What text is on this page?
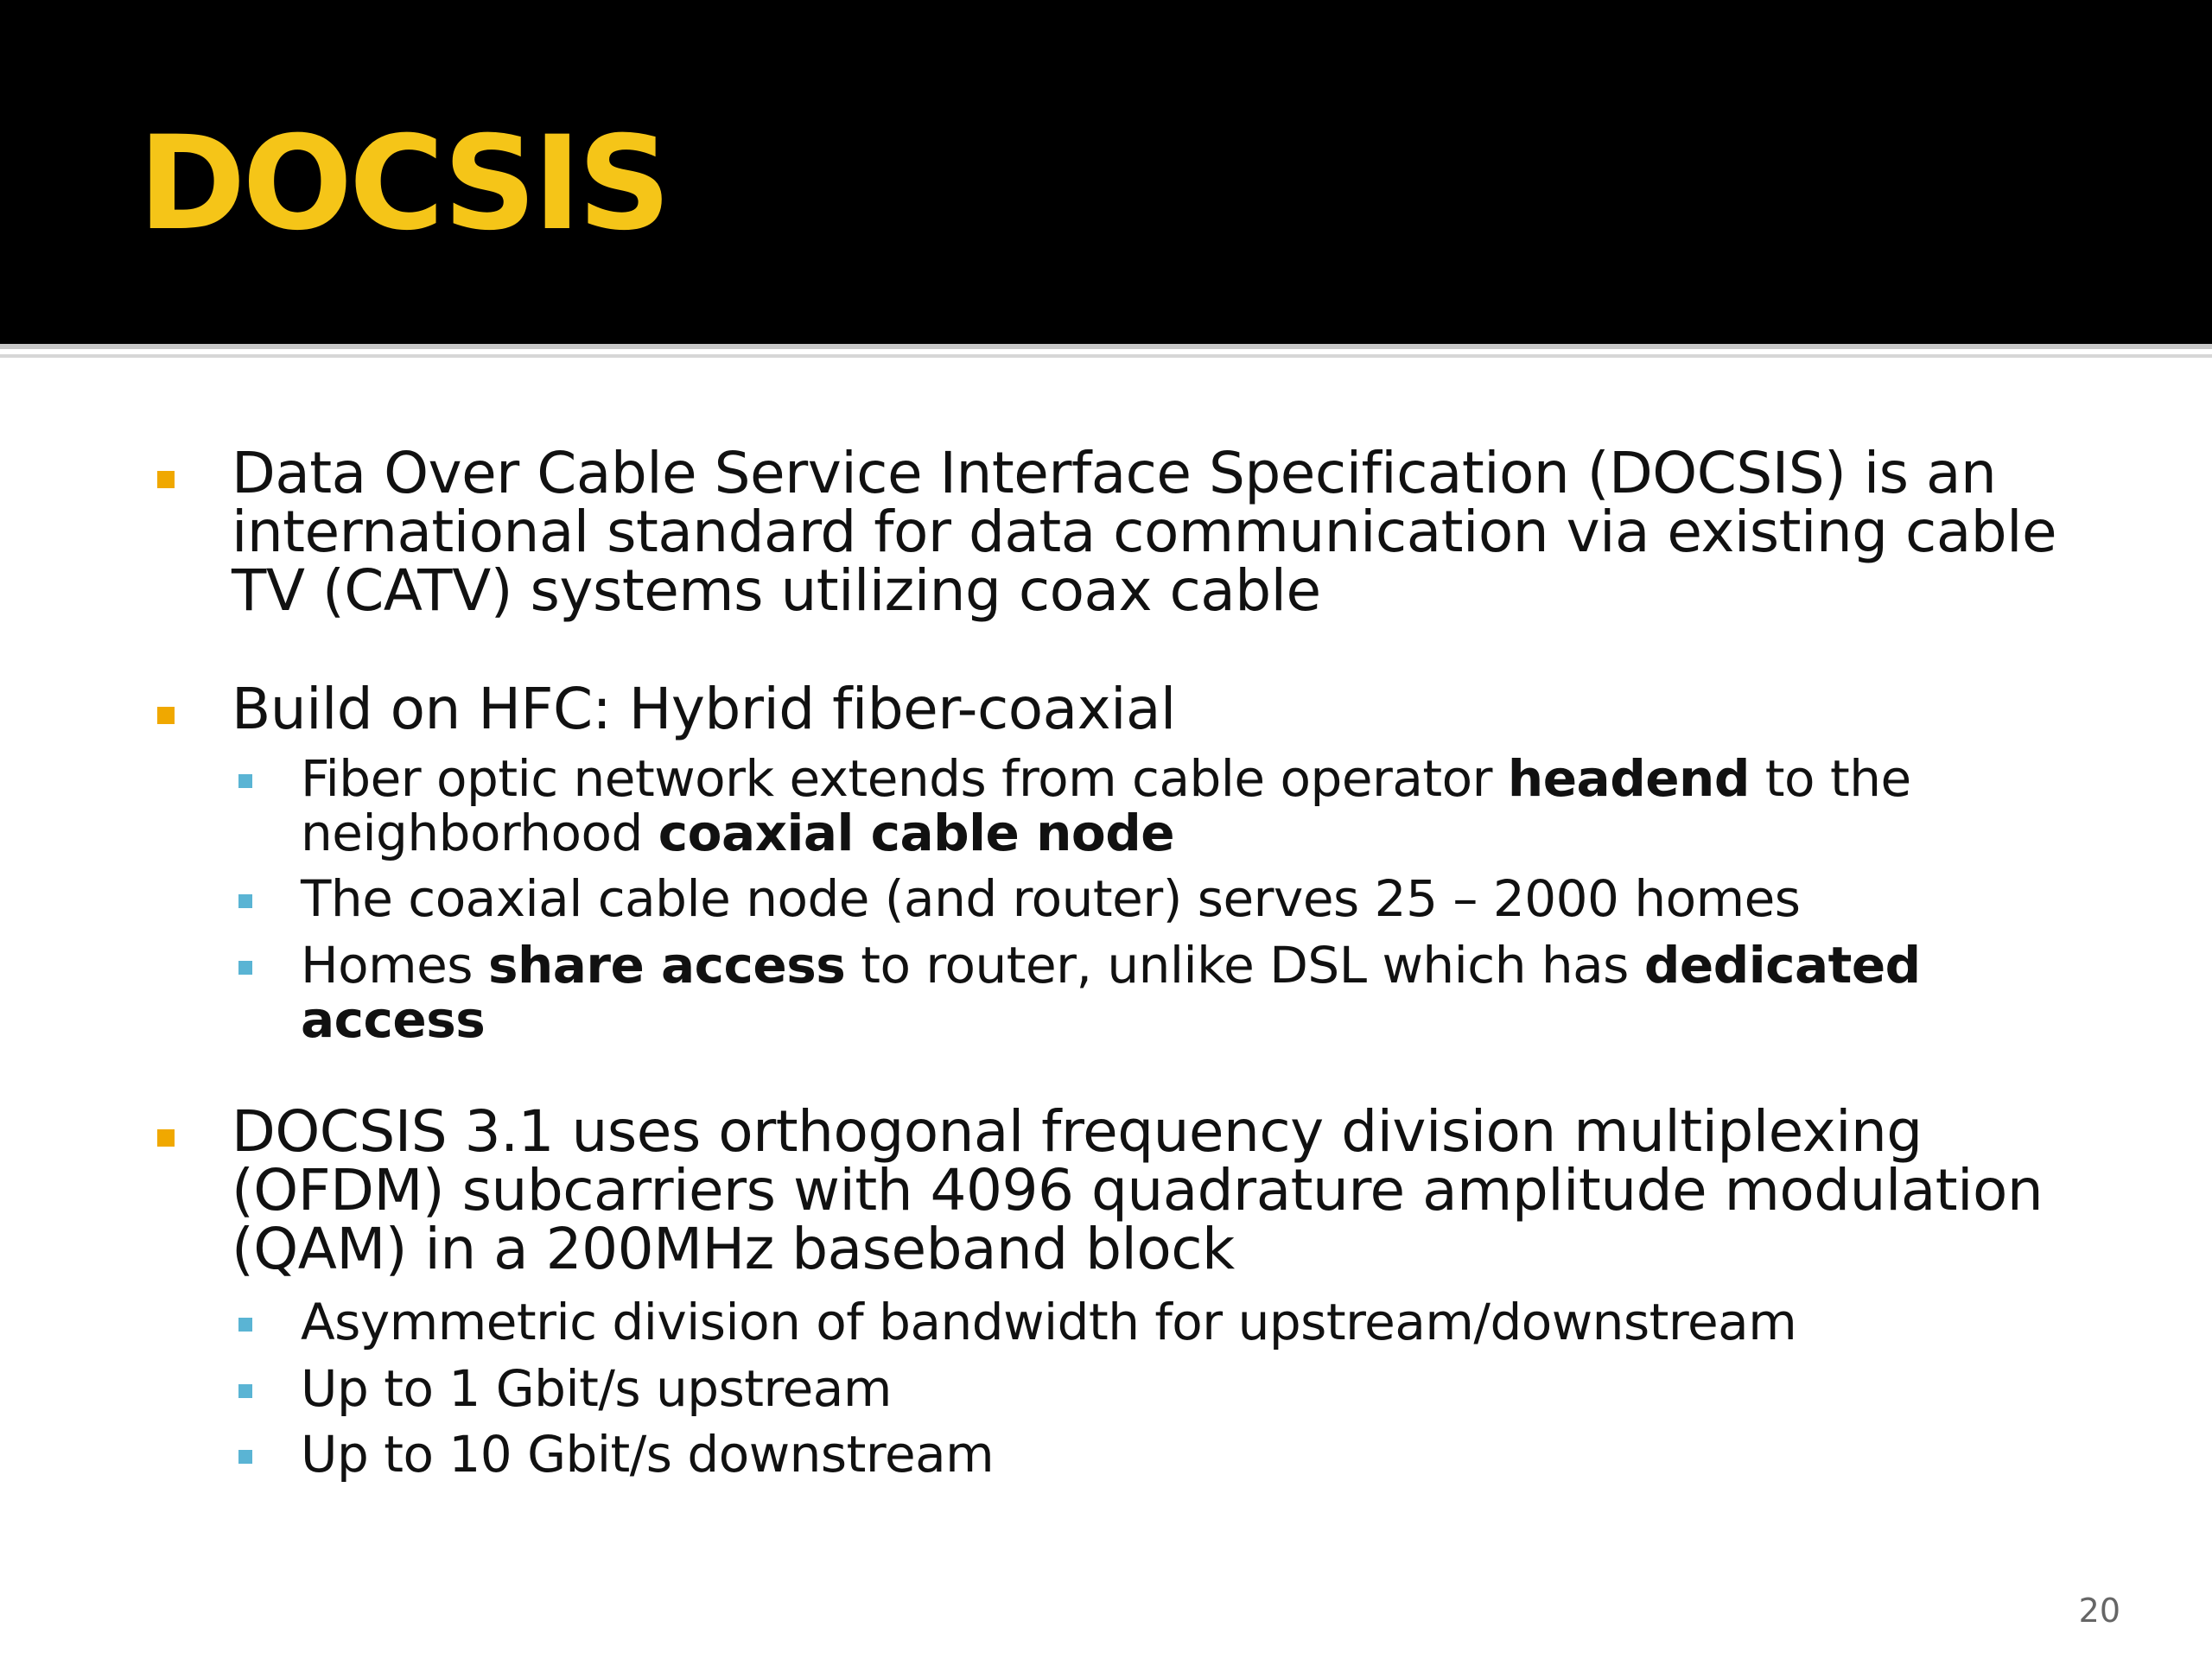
DOCSIS
Data Over Cable Service Interface Specification (DOCSIS) is an international standard for data communication via existing cable TV (CATV) systems utilizing coax cable
Build on HFC: Hybrid fiber-coaxial
Fiber optic network extends from cable operator headend to the neighborhood coaxial cable node
The coaxial cable node (and router) serves 25 – 2000 homes
Homes share access to router, unlike DSL which has dedicated access
DOCSIS 3.1 uses orthogonal frequency division multiplexing (OFDM) subcarriers with 4096 quadrature amplitude modulation (QAM) in a 200MHz baseband block
Asymmetric division of bandwidth for upstream/downstream
Up to 1 Gbit/s upstream
Up to 10 Gbit/s downstream
20
